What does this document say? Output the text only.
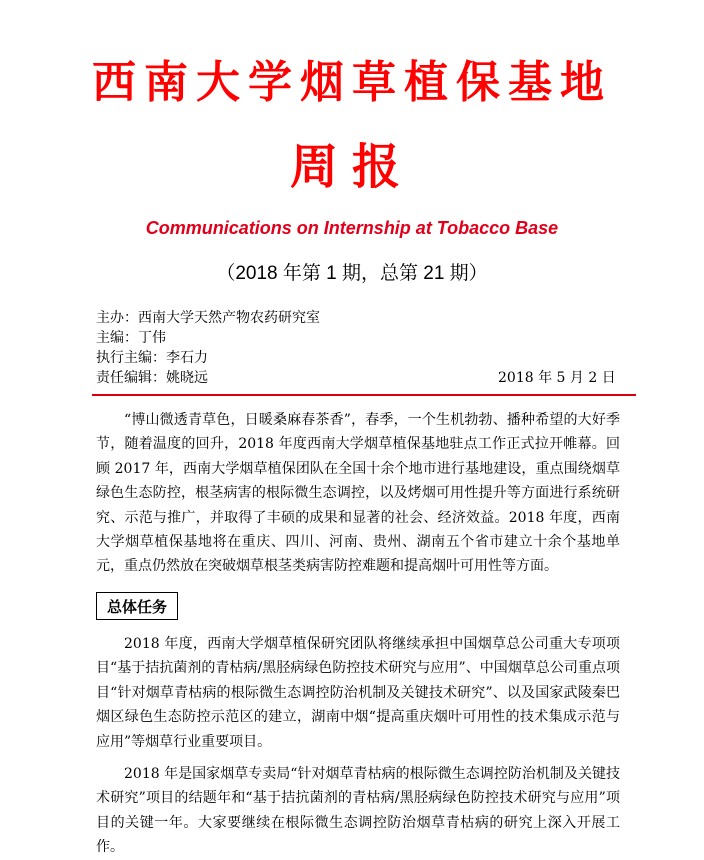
西南大学烟草植保基地
周报
Communications on Internship at Tobacco Base
（2018 年第 1 期，总第 21 期）
主办：西南大学天然产物农药研究室
主编：丁伟
执行主编：李石力
责任编辑：姚晓远	2018 年 5 月 2 日

“博山微透青草色，日暖桑麻春茶香”，春季，一个生机勃勃、播种希望的大好季节，随着温度的回升，2018 年度西南大学烟草植保基地驻点工作正式拉开帷幕。回顾 2017 年，西南大学烟草植保团队在全国十余个地市进行基地建设，重点围绕烟草绿色生态防控，根茎病害的根际微生态调控，以及烤烟可用性提升等方面进行系统研究、示范与推广，并取得了丰硕的成果和显著的社会、经济效益。2018 年度，西南大学烟草植保基地将在重庆、四川、河南、贵州、湖南五个省市建立十余个基地单元，重点仍然放在突破烟草根茎类病害防控难题和提高烟叶可用性等方面。

总体任务

2018 年度，西南大学烟草植保研究团队将继续承担中国烟草总公司重大专项项目“基于拮抗菌剂的青枯病/黑胫病绿色防控技术研究与应用”、中国烟草总公司重点项目“针对烟草青枯病的根际微生态调控防治机制及关键技术研究”、以及国家武陵秦巴烟区绿色生态防控示范区的建立，湖南中烟“提高重庆烟叶可用性的技术集成示范与应用”等烟草行业重要项目。

2018 年是国家烟草专卖局“针对烟草青枯病的根际微生态调控防治机制及关键技术研究”项目的结题年和“基于拮抗菌剂的青枯病/黑胫病绿色防控技术研究与应用”项目的关键一年。大家要继续在根际微生态调控防治烟草青枯病的研究上深入开展工作。
